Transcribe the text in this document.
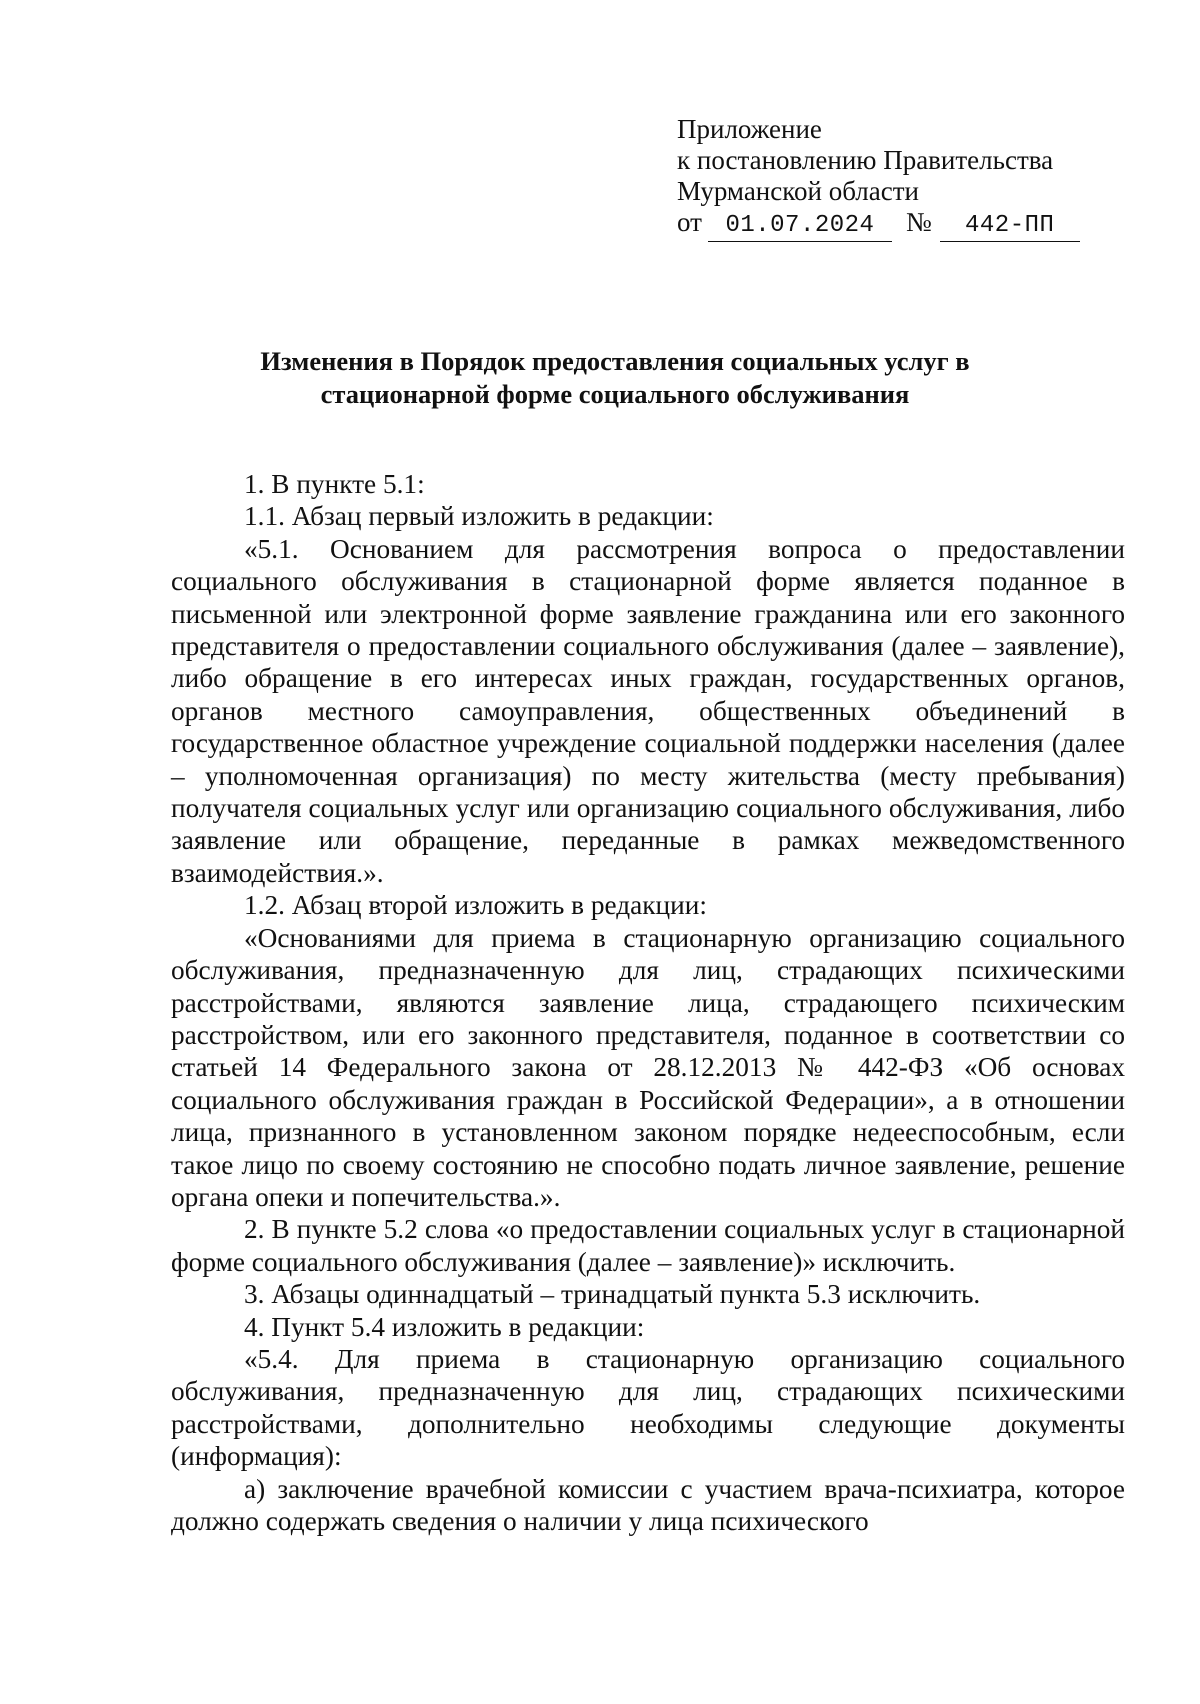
Приложение
к постановлению Правительства
Мурманской области
от 01.07.2024 № 442-ПП
Изменения в Порядок предоставления социальных услуг в
стационарной форме социального обслуживания

1. В пункте 5.1:

1.1. Абзац первый изложить в редакции:

«5.1. Основанием для рассмотрения вопроса о предоставлении социального обслуживания в стационарной форме является поданное в письменной или электронной форме заявление гражданина или его законного представителя о предоставлении социального обслуживания (далее – заявление), либо обращение в его интересах иных граждан, государственных органов, органов местного самоуправления, общественных объединений в государственное областное учреждение социальной поддержки населения (далее – уполномоченная организация) по месту жительства (месту пребывания) получателя социальных услуг или организацию социального обслуживания, либо заявление или обращение, переданные в рамках межведомственного взаимодействия.».

1.2. Абзац второй изложить в редакции:

«Основаниями для приема в стационарную организацию социального обслуживания, предназначенную для лиц, страдающих психическими расстройствами, являются заявление лица, страдающего психическим расстройством, или его законного представителя, поданное в соответствии со статьей 14 Федерального закона от 28.12.2013 № 442-ФЗ «Об основах социального обслуживания граждан в Российской Федерации», а в отношении лица, признанного в установленном законом порядке недееспособным, если такое лицо по своему состоянию не способно подать личное заявление, решение органа опеки и попечительства.».

2. В пункте 5.2 слова «о предоставлении социальных услуг в стационарной форме социального обслуживания (далее – заявление)» исключить.

3. Абзацы одиннадцатый – тринадцатый пункта 5.3 исключить.

4. Пункт 5.4 изложить в редакции:

«5.4. Для приема в стационарную организацию социального обслуживания, предназначенную для лиц, страдающих психическими расстройствами, дополнительно необходимы следующие документы (информация):

а) заключение врачебной комиссии с участием врача-психиатра, которое должно содержать сведения о наличии у лица психического
